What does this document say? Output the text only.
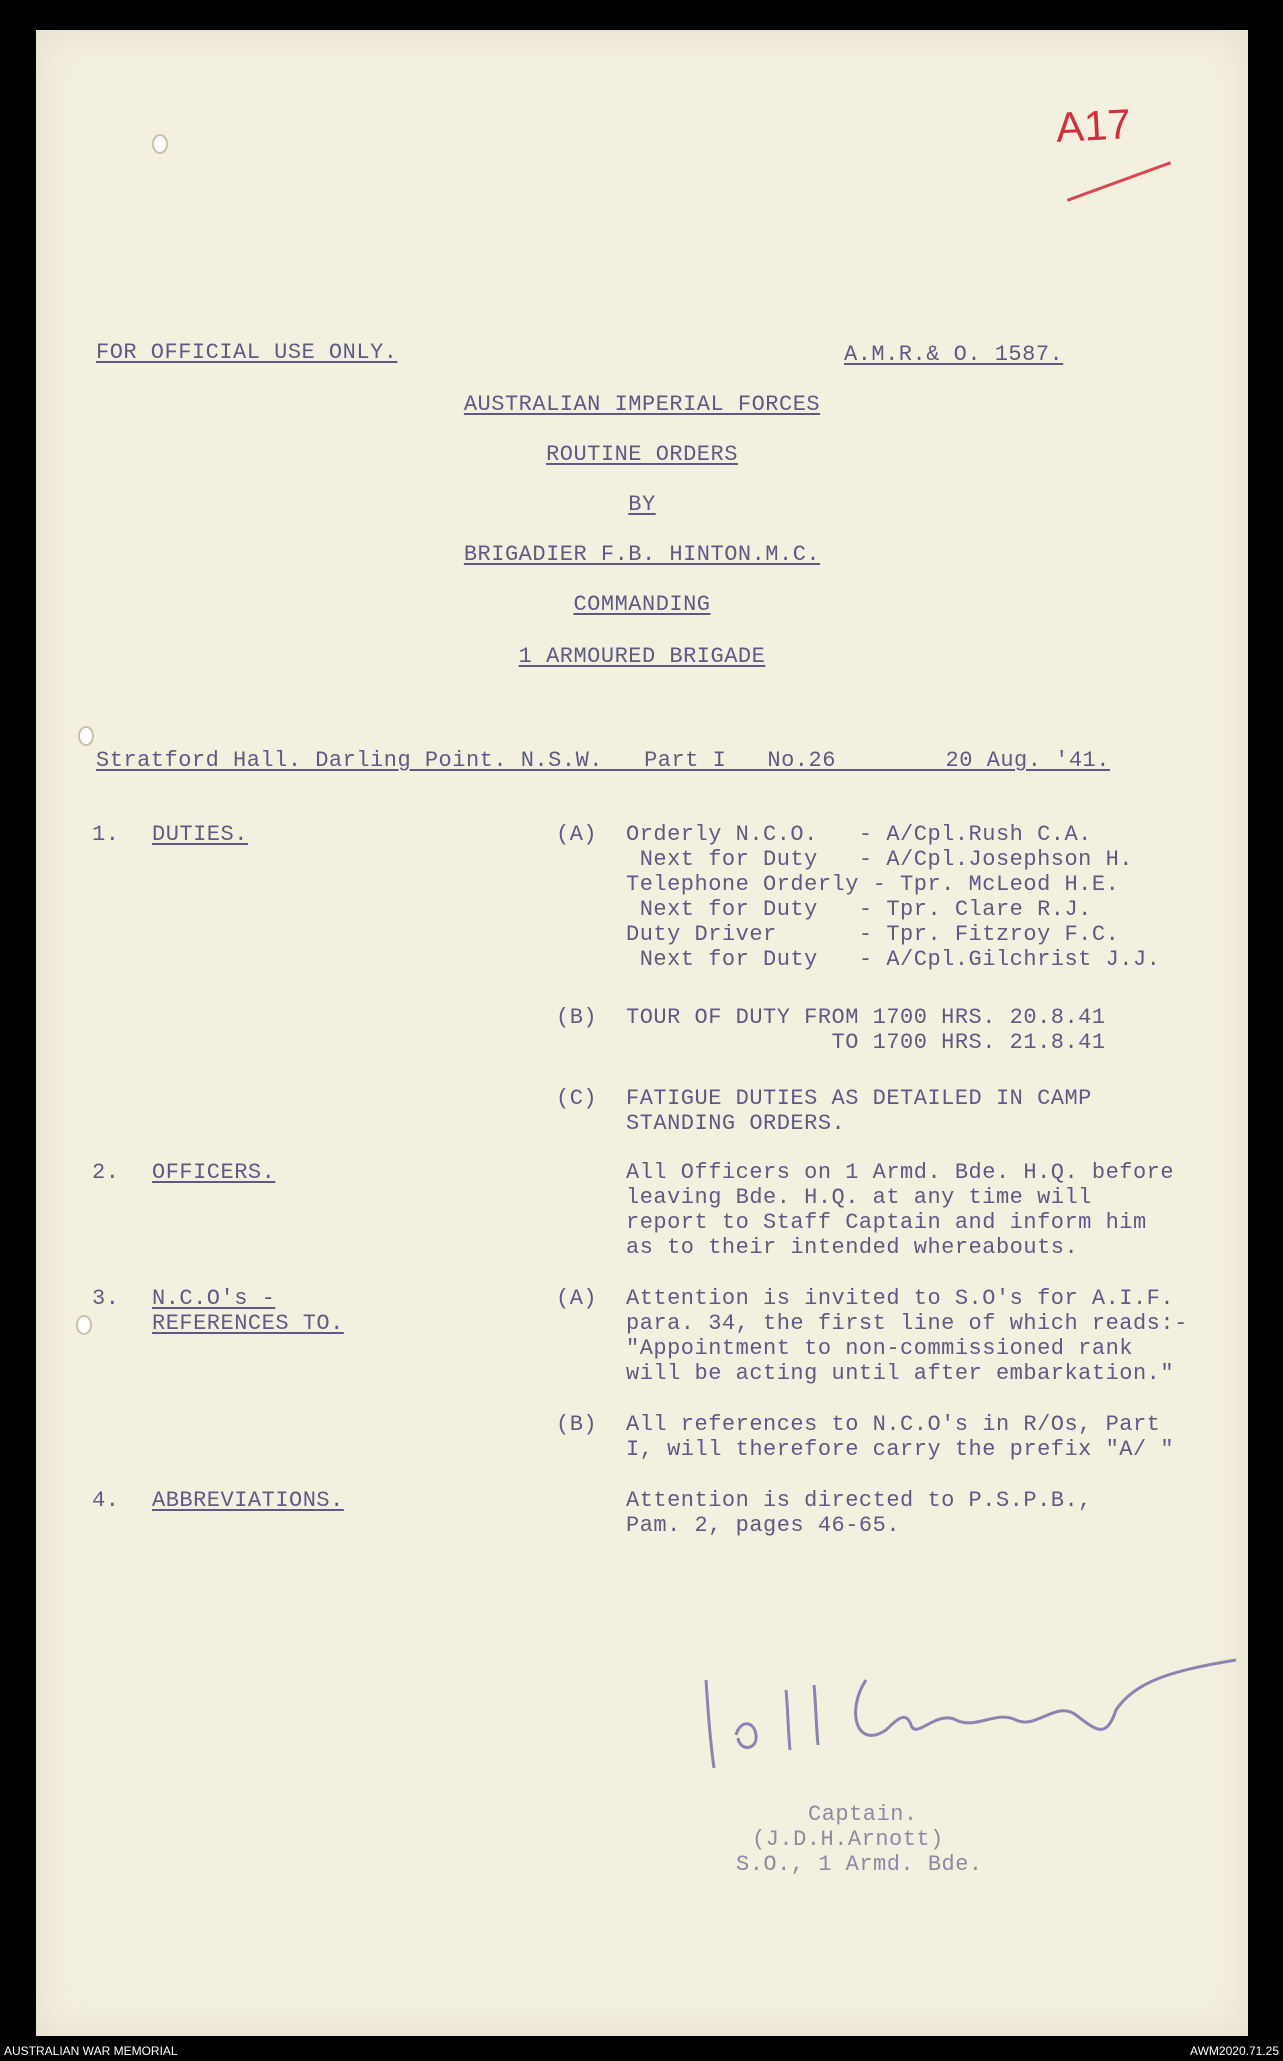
A17
FOR OFFICIAL USE ONLY.	A.M.R.& O. 1587.
AUSTRALIAN IMPERIAL FORCES
ROUTINE ORDERS
BY
BRIGADIER F.B. HINTON.M.C.
COMMANDING
1 ARMOURED BRIGADE
Stratford Hall. Darling Point. N.S.W.   Part I   No.26        20 Aug. '41.
1. DUTIES.	(A) Orderly N.C.O.   - A/Cpl.Rush C.A.
Next for Duty   - A/Cpl.Josephson H.
Telephone Orderly - Tpr. McLeod H.E.
Next for Duty   - Tpr. Clare R.J.
Duty Driver      - Tpr. Fitzroy F.C.
Next for Duty   - A/Cpl.Gilchrist J.J.
(B) TOUR OF DUTY FROM 1700 HRS. 20.8.41
TO 1700 HRS. 21.8.41
(C) FATIGUE DUTIES AS DETAILED IN CAMP
STANDING ORDERS.
2. OFFICERS.	All Officers on 1 Armd. Bde. H.Q. before
leaving Bde. H.Q. at any time will
report to Staff Captain and inform him
as to their intended whereabouts.
3. N.C.O's -
REFERENCES TO.
(A) Attention is invited to S.O's for A.I.F.
para. 34, the first line of which reads:-
"Appointment to non-commissioned rank
will be acting until after embarkation."
(B) All references to N.C.O's in R/Os, Part
I, will therefore carry the prefix "A/ "
4. ABBREVIATIONS.	Attention is directed to P.S.P.B.,
Pam. 2, pages 46-65.
Captain.
(J.D.H.Arnott)
S.O., 1 Armd. Bde.
AUSTRALIAN WAR MEMORIAL	AWM2020.71.25
